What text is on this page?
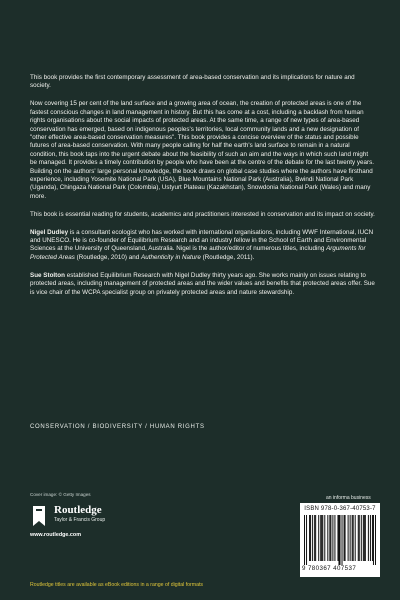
This book provides the first contemporary assessment of area-based conservation and its implications for nature and society.

Now covering 15 per cent of the land surface and a growing area of ocean, the creation of protected areas is one of the fastest conscious changes in land management in history. But this has come at a cost, including a backlash from human rights organisations about the social impacts of protected areas. At the same time, a range of new types of area-based conservation has emerged, based on indigenous peoples's territories, local community lands and a new designation of "other effective area-based conservation measures". This book provides a concise overview of the status and possible futures of area-based conservation. With many people calling for half the earth's land surface to remain in a natural condition, this book taps into the urgent debate about the feasibility of such an aim and the ways in which such land might be managed. It provides a timely contribution by people who have been at the centre of the debate for the last twenty years. Building on the authors' large personal knowledge, the book draws on global case studies where the authors have firsthand experience, including Yosemite National Park (USA), Blue Mountains National Park (Australia), Bwindi National Park (Uganda), Chingaza National Park (Colombia), Ustyurt Plateau (Kazakhstan), Snowdonia National Park (Wales) and many more.

This book is essential reading for students, academics and practitioners interested in conservation and its impact on society.

Nigel Dudley is a consultant ecologist who has worked with international organisations, including WWF International, IUCN and UNESCO. He is co-founder of Equilibrium Research and an industry fellow in the School of Earth and Environmental Sciences at the University of Queensland, Australia. Nigel is the author/editor of numerous titles, including Arguments for Protected Areas (Routledge, 2010) and Authenticity in Nature (Routledge, 2011).

Sue Stolton established Equilibrium Research with Nigel Dudley thirty years ago. She works mainly on issues relating to protected areas, including management of protected areas and the wider values and benefits that protected areas offer. Sue is vice chair of the WCPA specialist group on privately protected areas and nature stewardship.

CONSERVATION / BIODIVERSITY / HUMAN RIGHTS
Cover image: © Getty Images
Routledge
Taylor & Francis Group
www.routledge.com
an informa business
ISBN 978-0-367-40753-7
9 780367 407537
Routledge titles are available as eBook editions in a range of digital formats
